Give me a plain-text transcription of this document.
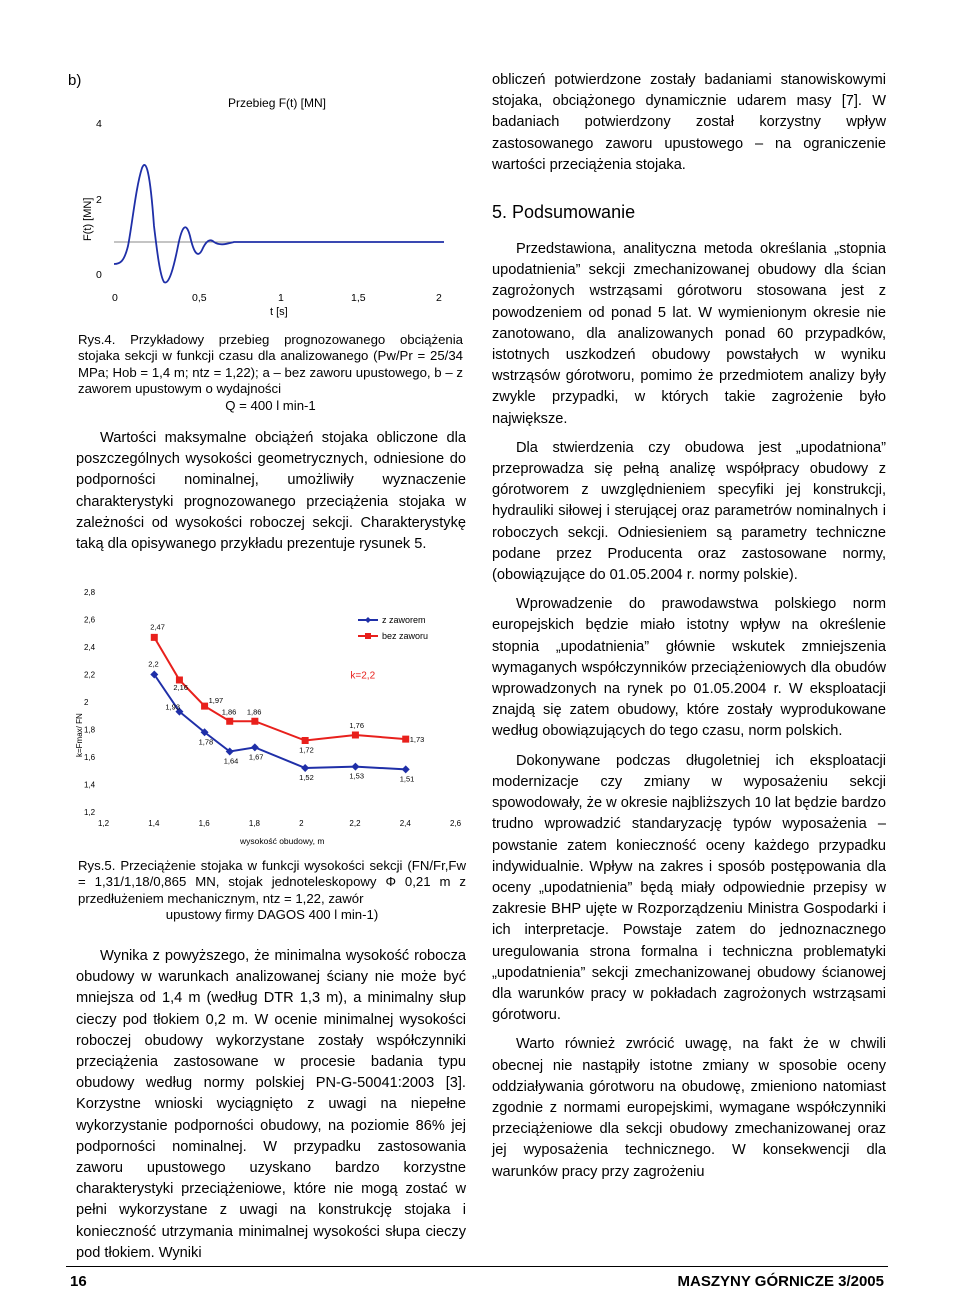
b)
Przebieg F(t) [MN]
F(t) [MN]
4
2
0
0	0,5	1	1,5	2
t [s]

Rys.4. Przykładowy przebieg prognozowanego obciążenia stojaka sekcji w funkcji czasu dla analizowanego (Pw/Pr = 25/34 MPa; Hob = 1,4 m; ntz = 1,22); a – bez zaworu upustowego, b – z zaworem upustowym o wydajności

Q = 400 l min-1

Wartości maksymalne obciążeń stojaka obliczone dla poszczególnych wysokości geometrycznych, odniesione do podporności nominalnej, umożliwiły wyznaczenie charakterystyki prognozowanego przeciążenia stojaka w zależności od wysokości roboczej sekcji. Charakterystykę taką dla opisywanego przykładu prezentuje rysunek 5.

2,8
2,6
2,4
2,2
2
1,8
1,6
1,4
1,2
1,2	1,4	1,6	1,8	2	2,2	2,4	2,6
wysokość obudowy, m
k=Fmax/ FN
k=2,2
2,2
1,93
1,78
1,64 1,67
1,52	1,53	1,51
2,47
2,16
1,97
1,86 1,86
1,72
1,76
1,73
z zaworem
bez zaworu

Rys.5. Przeciążenie stojaka w funkcji wysokości sekcji (FN/Fr,Fw = 1,31/1,18/0,865 MN, stojak jednoteleskopowy Φ 0,21 m z przedłużeniem mechanicznym, ntz = 1,22, zawór

upustowy firmy DAGOS 400 l min-1)

Wynika z powyższego, że minimalna wysokość robocza obudowy w warunkach analizowanej ściany nie może być mniejsza od 1,4 m (według DTR 1,3 m), a minimalny słup cieczy pod tłokiem 0,2 m. W ocenie minimalnej wysokości roboczej obudowy wykorzystane zostały współczynniki przeciążenia zastosowane w procesie badania typu obudowy według normy polskiej PN-G-50041:2003 [3]. Korzystne wnioski wyciągnięto z uwagi na niepełne wykorzystanie podporności obudowy, na poziomie 86% jej podporności nominalnej. W przypadku zastosowania zaworu upustowego uzyskano bardzo korzystne charakterystyki przeciążeniowe, które nie mogą zostać w pełni wykorzystane z uwagi na konstrukcję stojaka i konieczność utrzymania minimalnej wysokości słupa cieczy pod tłokiem. Wyniki

obliczeń potwierdzone zostały badaniami stanowiskowymi stojaka, obciążonego dynamicznie udarem masy [7]. W badaniach potwierdzony został korzystny wpływ zastosowanego zaworu upustowego – na ograniczenie wartości przeciążenia stojaka.

5. Podsumowanie

Przedstawiona, analityczna metoda określania „stopnia upodatnienia” sekcji zmechanizowanej obudowy dla ścian zagrożonych wstrząsami górotworu stosowana jest z powodzeniem od ponad 5 lat. W wymienionym okresie nie zanotowano, dla analizowanych ponad 60 przypadków, istotnych uszkodzeń obudowy powstałych w wyniku wstrząsów górotworu, pomimo że przedmiotem analizy były zwykle przypadki, w których takie zagrożenie było największe.

Dla stwierdzenia czy obudowa jest „upodatniona” przeprowadza się pełną analizę współpracy obudowy z górotworem z uwzględnieniem specyfiki jej konstrukcji, hydrauliki siłowej i sterującej oraz parametrów nominalnych i roboczych sekcji. Odniesieniem są parametry techniczne podane przez Producenta oraz zastosowane normy, (obowiązujące do 01.05.2004 r. normy polskie).

Wprowadzenie do prawodawstwa polskiego norm europejskich będzie miało istotny wpływ na określenie stopnia „upodatnienia” głównie wskutek zmniejszenia wymaganych współczynników przeciążeniowych dla obudów wprowadzonych na rynek po 01.05.2004 r. W eksploatacji znajdą się zatem obudowy, które zostały wyprodukowane według obowiązujących do tego czasu, norm polskich.

Dokonywane podczas długoletniej ich eksploatacji modernizacje czy zmiany w wyposażeniu sekcji spowodowały, że w okresie najbliższych 10 lat będzie bardzo trudno wprowadzić standaryzację typów wyposażenia – powstanie zatem konieczność oceny każdego przypadku indywidualnie. Wpływ na zakres i sposób postępowania dla oceny „upodatnienia” będą miały odpowiednie przepisy w zakresie BHP ujęte w Rozporządzeniu Ministra Gospodarki i ich interpretacje. Powstaje zatem do jednoznacznego uregulowania strona formalna i techniczna problematyki „upodatnienia” sekcji zmechanizowanej obudowy ścianowej dla warunków pracy w pokładach zagrożonych wstrząsami górotworu.

Warto również zwrócić uwagę, na fakt że w chwili obecnej nie nastąpiły istotne zmiany w sposobie oceny oddziaływania górotworu na obudowę, zmieniono natomiast zgodnie z normami europejskimi, wymagane współczynniki przeciążeniowe dla sekcji obudowy zmechanizowanej oraz jej wyposażenia technicznego. W konsekwencji dla warunków pracy przy zagrożeniu

16	MASZYNY GÓRNICZE 3/2005
